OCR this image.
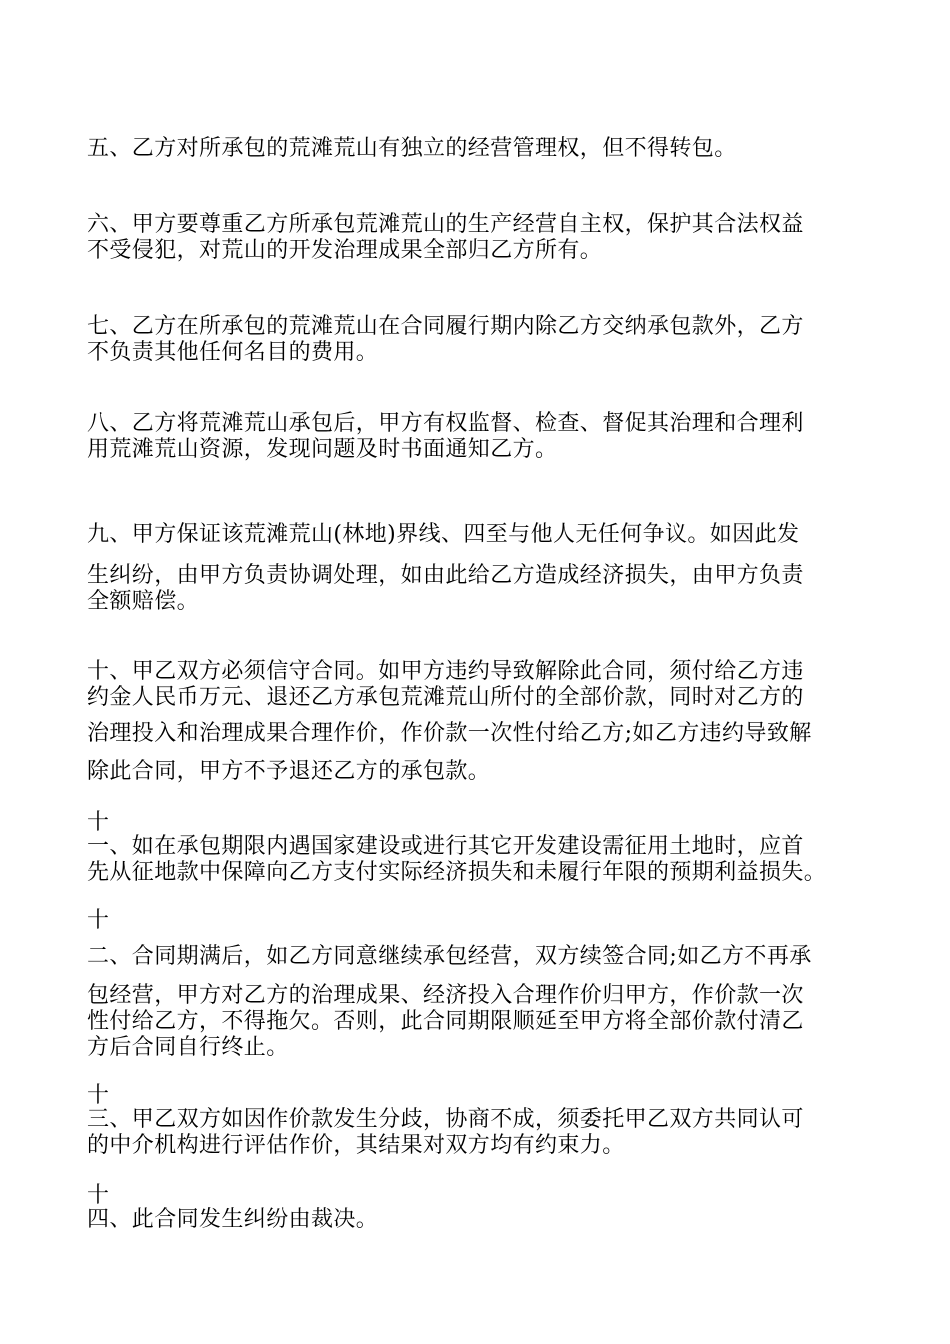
五、乙方对所承包的荒滩荒山有独立的经营管理权，但不得转包。
六、甲方要尊重乙方所承包荒滩荒山的生产经营自主权，保护其合法权益
不受侵犯，对荒山的开发治理成果全部归乙方所有。
七、乙方在所承包的荒滩荒山在合同履行期内除乙方交纳承包款外，乙方
不负责其他任何名目的费用。
八、乙方将荒滩荒山承包后，甲方有权监督、检查、督促其治理和合理利
用荒滩荒山资源，发现问题及时书面通知乙方。
九、甲方保证该荒滩荒山(林地)界线、四至与他人无任何争议。如因此发
生纠纷，由甲方负责协调处理，如由此给乙方造成经济损失，由甲方负责
全额赔偿。
十、甲乙双方必须信守合同。如甲方违约导致解除此合同，须付给乙方违
约金人民币万元、退还乙方承包荒滩荒山所付的全部价款，同时对乙方的
治理投入和治理成果合理作价，作价款一次性付给乙方;如乙方违约导致解
除此合同，甲方不予退还乙方的承包款。
十
一、如在承包期限内遇国家建设或进行其它开发建设需征用土地时，应首
先从征地款中保障向乙方支付实际经济损失和未履行年限的预期利益损失。
十
二、合同期满后，如乙方同意继续承包经营，双方续签合同;如乙方不再承
包经营，甲方对乙方的治理成果、经济投入合理作价归甲方，作价款一次
性付给乙方，不得拖欠。否则，此合同期限顺延至甲方将全部价款付清乙
方后合同自行终止。
十
三、甲乙双方如因作价款发生分歧，协商不成，须委托甲乙双方共同认可
的中介机构进行评估作价，其结果对双方均有约束力。
十
四、此合同发生纠纷由裁决。
